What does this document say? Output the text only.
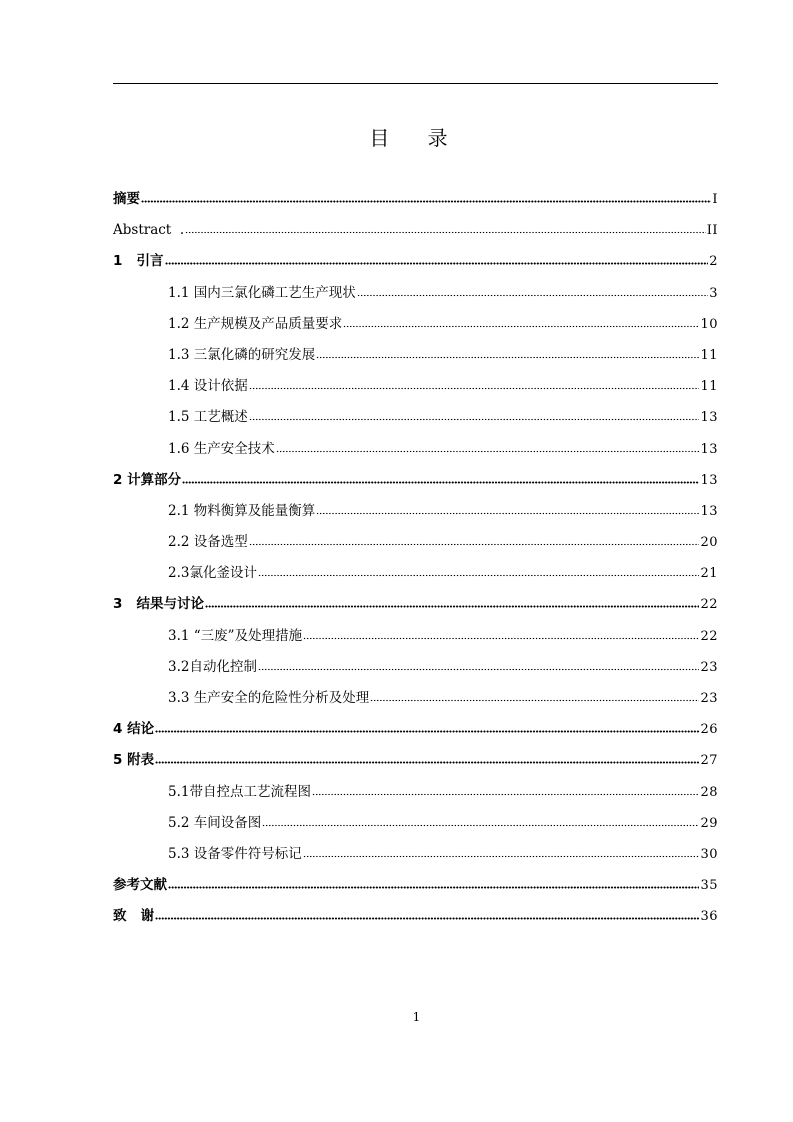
目 录
摘要	I
Abstract  .	II
1   引言	2
1.1 国内三氯化磷工艺生产现状	3
1.2 生产规模及产品质量要求	10
1.3 三氯化磷的研究发展	11
1.4 设计依据	11
1.5 工艺概述	13
1.6 生产安全技术	13
2 计算部分	13
2.1 物料衡算及能量衡算	13
2.2 设备选型	20
2.3氯化釜设计	21
3   结果与讨论	22
3.1 “三废”及处理措施	22
3.2自动化控制	23
3.3 生产安全的危险性分析及处理	23
4 结论	26
5 附表	27
5.1带自控点工艺流程图	28
5.2 车间设备图	29
5.3 设备零件符号标记	30
参考文献	35
致   谢	36
1
